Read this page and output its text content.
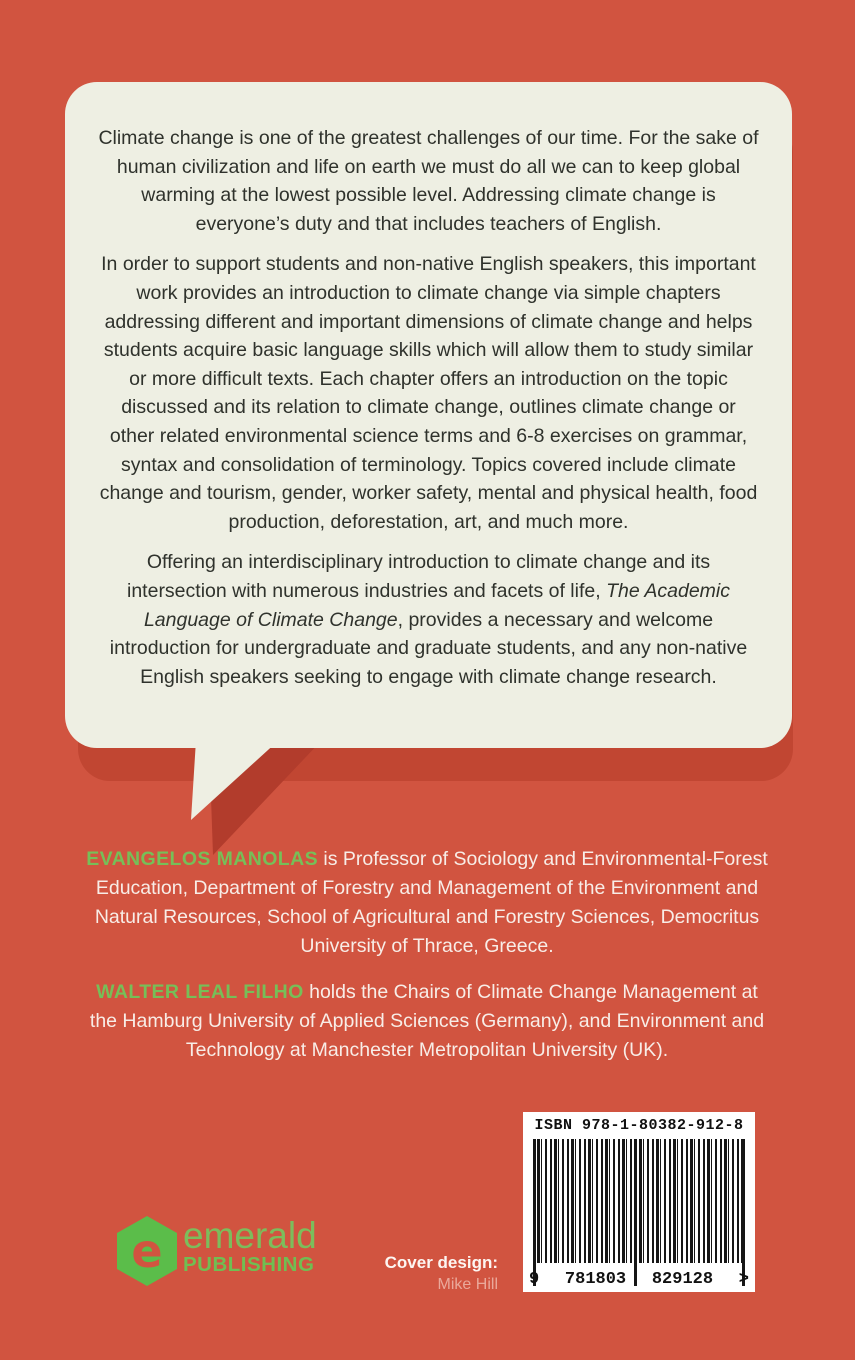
Climate change is one of the greatest challenges of our time. For the sake of human civilization and life on earth we must do all we can to keep global warming at the lowest possible level. Addressing climate change is everyone’s duty and that includes teachers of English.

In order to support students and non-native English speakers, this important work provides an introduction to climate change via simple chapters addressing different and important dimensions of climate change and helps students acquire basic language skills which will allow them to study similar or more difficult texts. Each chapter offers an introduction on the topic discussed and its relation to climate change, outlines climate change or other related environmental science terms and 6-8 exercises on grammar, syntax and consolidation of terminology. Topics covered include climate change and tourism, gender, worker safety, mental and physical health, food production, deforestation, art, and much more.

Offering an interdisciplinary introduction to climate change and its intersection with numerous industries and facets of life, The Academic Language of Climate Change, provides a necessary and welcome introduction for undergraduate and graduate students, and any non-native English speakers seeking to engage with climate change research.

EVANGELOS MANOLAS is Professor of Sociology and Environmental-Forest Education, Department of Forestry and Management of the Environment and Natural Resources, School of Agricultural and Forestry Sciences, Democritus University of Thrace, Greece.

WALTER LEAL FILHO holds the Chairs of Climate Change Management at the Hamburg University of Applied Sciences (Germany), and Environment and Technology at Manchester Metropolitan University (UK).

ISBN 978-1-80382-912-8
9 781803 829128 >
e emerald
PUBLISHING	Cover design:
Mike Hill
